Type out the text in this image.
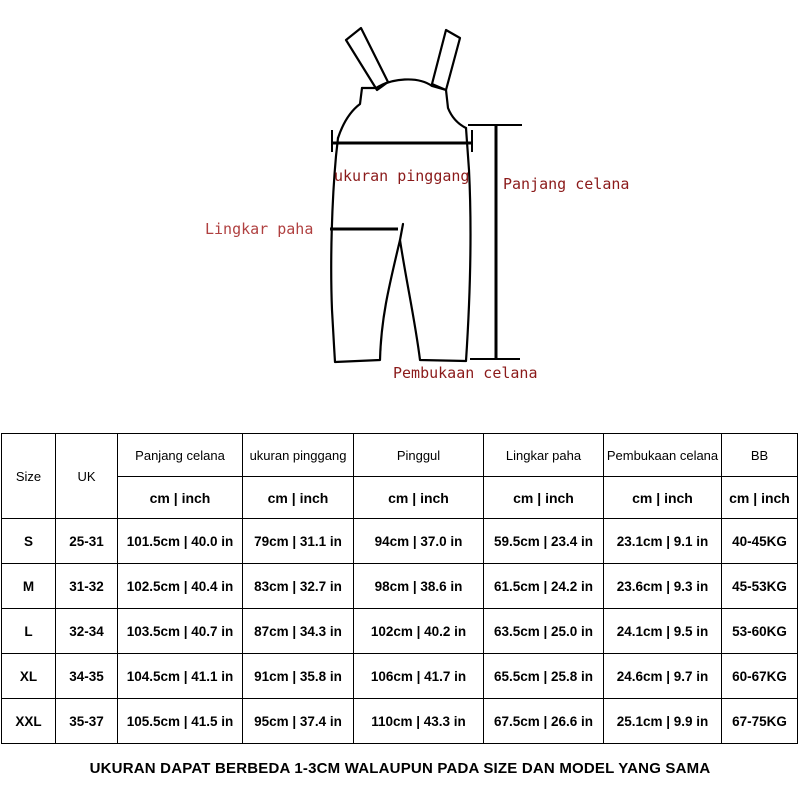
ukuran pinggang Panjang celana
Lingkar paha
Pembukaan celana
Size	UK	Panjang celana	ukuran pinggang	Pinggul	Lingkar paha	Pembukaan celana	BB
		cm | inch	cm | inch	cm | inch	cm | inch	cm | inch	cm | inch
S	25-31	101.5cm | 40.0 in	79cm | 31.1 in	94cm | 37.0 in	59.5cm | 23.4 in	23.1cm | 9.1 in	40-45KG
M	31-32	102.5cm | 40.4 in	83cm | 32.7 in	98cm | 38.6 in	61.5cm | 24.2 in	23.6cm | 9.3 in	45-53KG
L	32-34	103.5cm | 40.7 in	87cm | 34.3 in	102cm | 40.2 in	63.5cm | 25.0 in	24.1cm | 9.5 in	53-60KG
XL	34-35	104.5cm | 41.1 in	91cm | 35.8 in	106cm | 41.7 in	65.5cm | 25.8 in	24.6cm | 9.7 in	60-67KG
XXL	35-37	105.5cm | 41.5 in	95cm | 37.4 in	110cm | 43.3 in	67.5cm | 26.6 in	25.1cm | 9.9 in	67-75KG
UKURAN DAPAT BERBEDA 1-3CM WALAUPUN PADA SIZE DAN MODEL YANG SAMA
